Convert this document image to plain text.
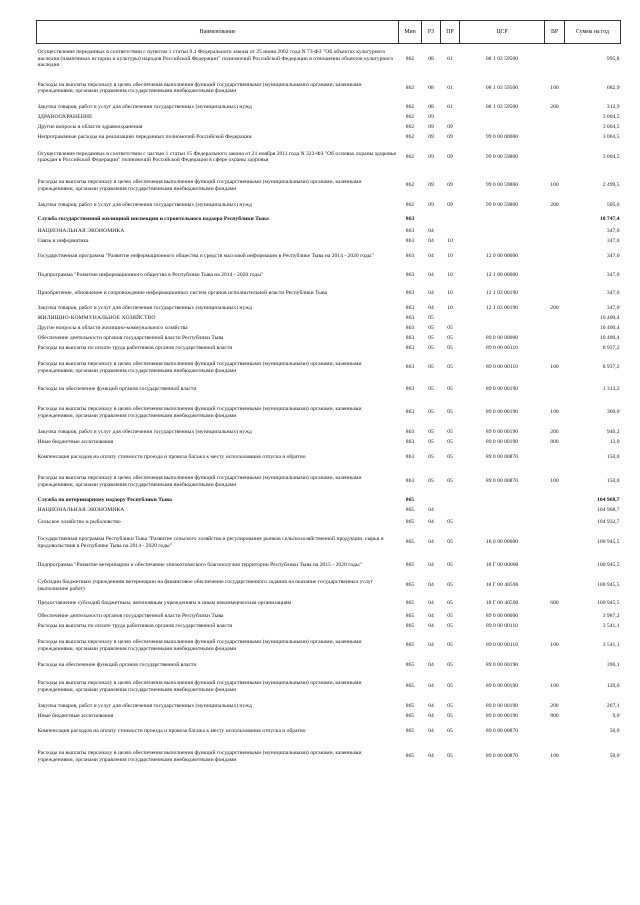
Наименование	Мин	РЗ	ПР	ЦСР	ВР	Сумма на год
Осуществление переданных в соответствии с пунктом 1 статьи 9.1 Федерального закона от 25 июня 2002 года N 73-ФЗ "Об объектах культурного наследия (памятниках истории и культуры) народов Российской Федерации" полномочий Российской Федерации в отношении объектов культурного наследия	862	08	01	08 1 03 59500		995,8
Расходы на выплаты персоналу в целях обеспечения выполнения функций государственными (муниципальными) органами, казенными учреждениями, органами управления государственными внебюджетными фондами	862	08	01	08 1 03 59500	100	682,9
Закупка товаров, работ и услуг для обеспечения государственных (муниципальных) нужд	862	08	01	08 1 03 59500	200	312,9
ЗДРАВООХРАНЕНИЕ	862	09				3 004,5
Другие вопросы в области здравоохранения	862	09	09			3 004,5
Непрограммные расходы на реализацию переданных полномочий Российской Федерации	862	09	09	99 0 00 00000		3 004,5
Осуществление переданных в соответствии с частью 1 статьи 15 Федерального закона от 21 ноября 2011 года N 323-ФЗ "Об основах охраны здоровья граждан в Российской Федерации" полномочий Российской Федерации в сфере охраны здоровья	862	09	09	99 0 00 59800		3 004,5
Расходы на выплаты персоналу в целях обеспечения выполнения функций государственными (муниципальными) органами, казенными учреждениями, органами управления государственными внебюджетными фондами	862	09	09	99 0 00 59800	100	2 499,5
Закупка товаров, работ и услуг для обеспечения государственных (муниципальных) нужд	862	09	09	99 0 00 59800	200	505,0
Служба государственной жилищной инспекции и строительного надзора Республики Тыва	863					10 747,4
НАЦИОНАЛЬНАЯ ЭКОНОМИКА	863	04				347,0
Связь и информатика	863	04	10			347,0
Государственная программа "Развитие информационного общества и средств массовой информации в Республике Тыва на 2014 - 2020 годы"	863	04	10	12 0 00 00000		347,0
Подпрограмма "Развитие информационного общества в Республике Тыва на 2014 - 2020 годы"	863	04	10	12 1 00 00000		347,0
Приобретение, обновление и сопровождение информационных систем органов исполнительной власти Республики Тыва	863	04	10	12 1 03 00190		347,0
Закупка товаров, работ и услуг для обеспечения государственных (муниципальных) нужд	863	04	10	12 1 03 00190	200	347,0
ЖИЛИЩНО-КОММУНАЛЬНОЕ ХОЗЯЙСТВО	863	05				10 400,4
Другие вопросы в области жилищно-коммунального хозяйства	863	05	05			10 400,4
Обеспечение деятельности органов государственной власти Республики Тыва	863	05	05	89 0 00 00000		10 400,4
Расходы на выплаты по оплате труда работников органов государственной власти	863	05	05	89 0 00 00110		8 937,2
Расходы на выплаты персоналу в целях обеспечения выполнения функций государственными (муниципальными) органами, казенными учреждениями, органами управления государственными внебюджетными фондами	863	05	05	89 0 00 00110	100	8 937,2
Расходы на обеспечение функций органов государственной власти	863	05	05	89 0 00 00190		1 313,2
Расходы на выплаты персоналу в целях обеспечения выполнения функций государственными (муниципальными) органами, казенными учреждениями, органами управления государственными внебюджетными фондами	863	05	05	89 0 00 00190	100	360,0
Закупка товаров, работ и услуг для обеспечения государственных (муниципальных) нужд	863	05	05	89 0 00 00190	200	940,2
Иные бюджетные ассигнования	863	05	05	89 0 00 00190	800	13,0
Компенсация расходов на оплату стоимости проезда и провоза багажа к месту использования отпуска и обратно	863	05	05	89 0 00 00870		150,0
Расходы на выплаты персоналу в целях обеспечения выполнения функций государственными (муниципальными) органами, казенными учреждениями, органами управления государственными внебюджетными фондами	863	05	05	89 0 00 00870	100	150,0
Служба по ветеринарному надзору Республики Тыва	865					104 968,7
НАЦИОНАЛЬНАЯ ЭКОНОМИКА	865	04				104 968,7
Сельское хозяйство и рыболовство	865	04	05			104 932,7
Государственная программа Республики Тыва "Развитие сельского хозяйства и регулирование рынков сельскохозяйственной продукции, сырья и продовольствия в Республике Тыва на 2014 - 2020 годы"	865	04	05	18 0 00 00000		100 945,5
Подпрограмма "Развитие ветеринарии и обеспечение эпизоотического благополучия территории Республики Тыва на 2015 - 2020 годы"	865	04	05	18 Г 00 00000		100 945,5
Субсидии бюджетным учреждениям ветеринарии на финансовое обеспечение государственного задания на оказание государственных услуг (выполнение работ)	865	04	05	18 Г 00 40590		100 945,5
Предоставление субсидий бюджетным, автономным учреждениям и иным некоммерческим организациям	865	04	05	18 Г 00 40590	600	100 945,5
Обеспечение деятельности органов государственной власти Республики Тыва	865	04	05	89 0 00 00000		3 987,2
Расходы на выплаты по оплате труда работников органов государственной власти	865	04	05	89 0 00 00110		3 541,1
Расходы на выплаты персоналу в целях обеспечения выполнения функций государственными (муниципальными) органами, казенными учреждениями, органами управления государственными внебюджетными фондами	865	04	05	89 0 00 00110	100	3 541,1
Расходы на обеспечение функций органов государственной власти	865	04	05	89 0 00 00190		396,1
Расходы на выплаты персоналу в целях обеспечения выполнения функций государственными (муниципальными) органами, казенными учреждениями, органами управления государственными внебюджетными фондами	865	04	05	89 0 00 00190	100	120,0
Закупка товаров, работ и услуг для обеспечения государственных (муниципальных) нужд	865	04	05	89 0 00 00190	200	267,1
Иные бюджетные ассигнования	865	04	05	89 0 00 00190	800	9,0
Компенсация расходов на оплату стоимости проезда и провоза багажа к месту использования отпуска и обратно	865	04	05	89 0 00 00870		50,0
Расходы на выплаты персоналу в целях обеспечения выполнения функций государственными (муниципальными) органами, казенными учреждениями, органами управления государственными внебюджетными фондами	865	04	05	89 0 00 00870	100	50,0
